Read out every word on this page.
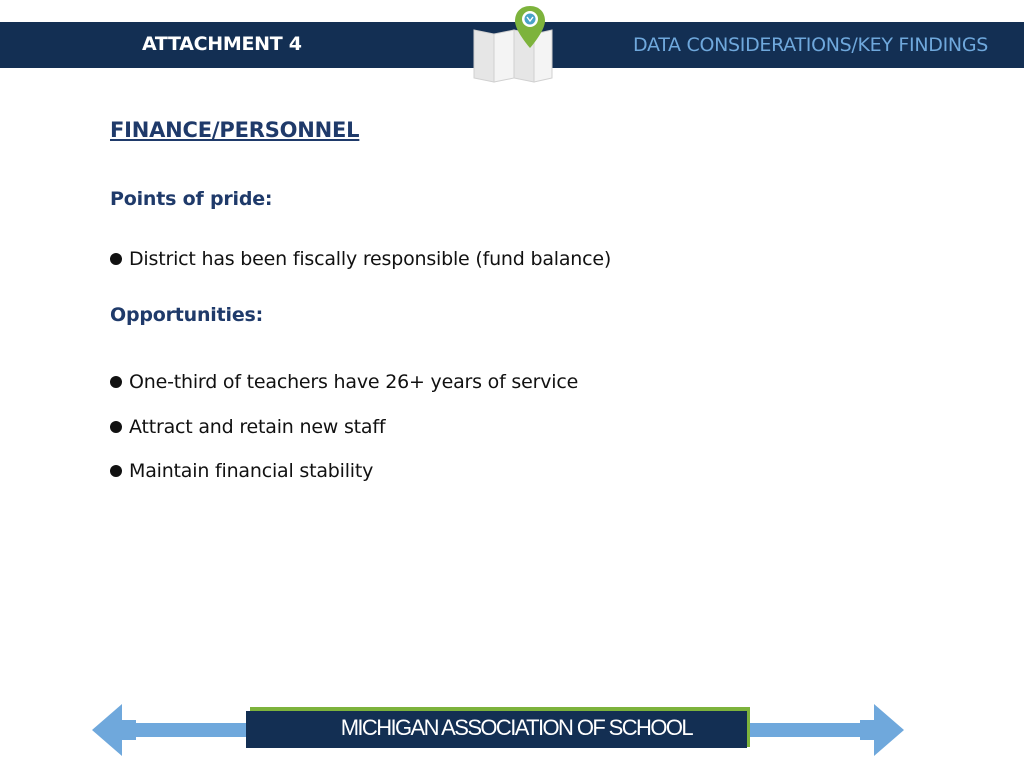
ATTACHMENT 4	DATA CONSIDERATIONS/KEY FINDINGS
FINANCE/PERSONNEL
Points of pride:
District has been fiscally responsible (fund balance)
Opportunities:
One-third of teachers have 26+ years of service
Attract and retain new staff
Maintain financial stability
MICHIGAN ASSOCIATION OF SCHOOL
